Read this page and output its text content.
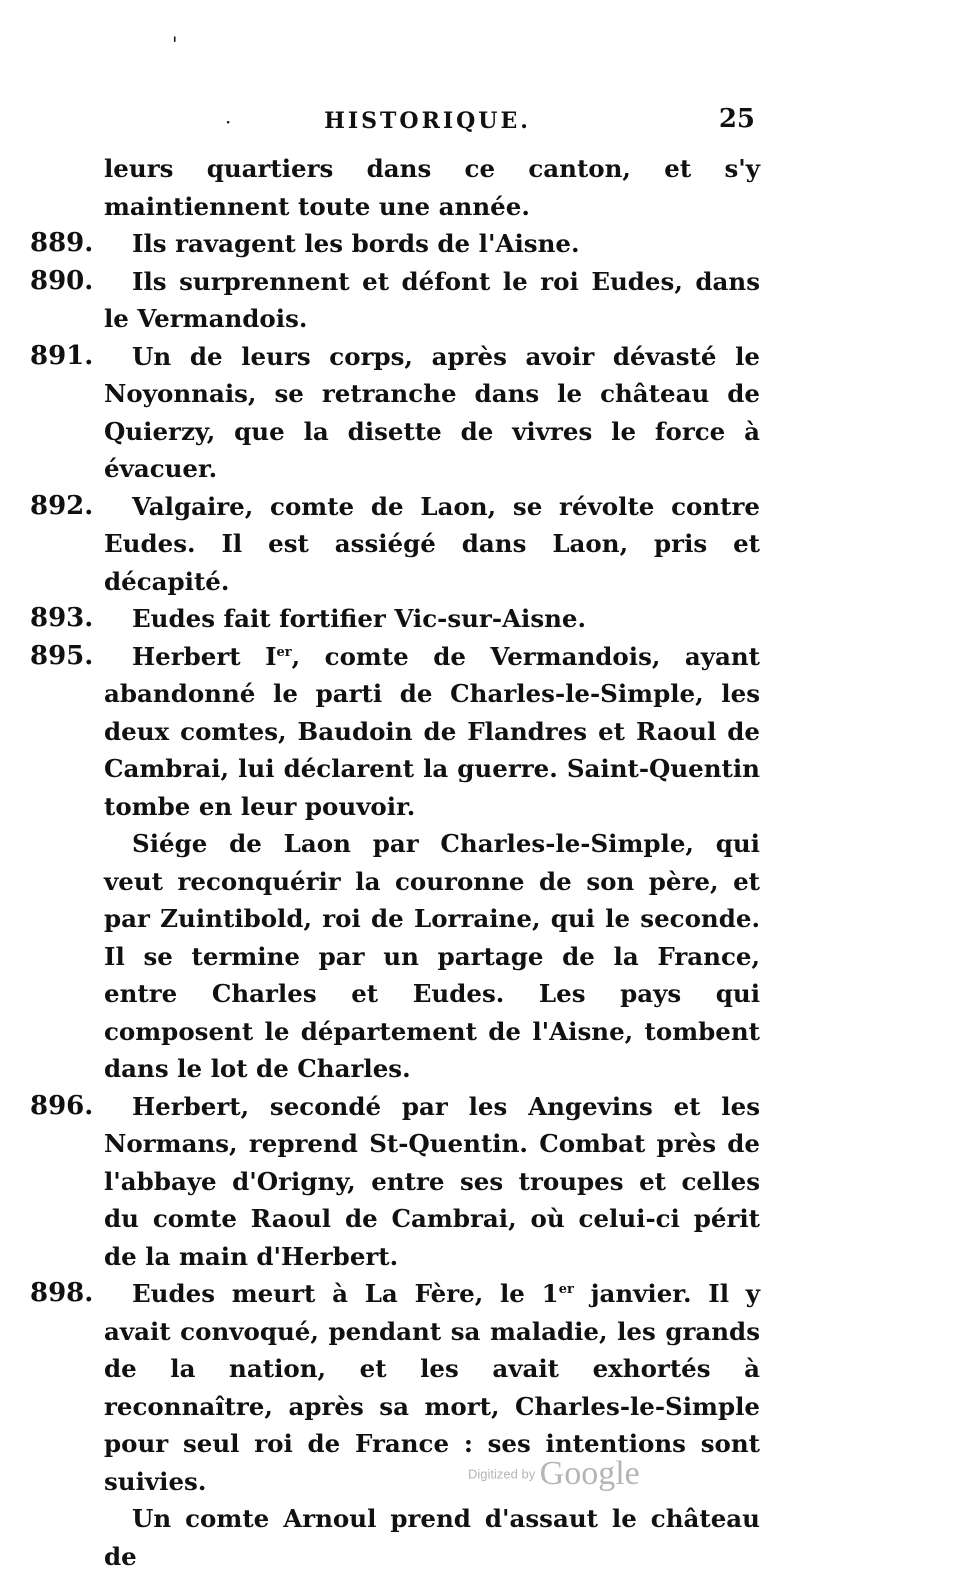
'
·	HISTORIQUE.	25
leurs quartiers dans ce canton, et s'y maintiennent toute une année.
889.	Ils ravagent les bords de l'Aisne.
890.	Ils surprennent et défont le roi Eudes, dans le Vermandois.
891.	Un de leurs corps, après avoir dévasté le Noyonnais, se retranche dans le château de Quierzy, que la disette de vivres le force à évacuer.
892.	Valgaire, comte de Laon, se révolte contre Eudes. Il est assiégé dans Laon, pris et décapité.
893.	Eudes fait fortifier Vic-sur-Aisne.
895.	Herbert Ier, comte de Vermandois, ayant abandonné le parti de Charles-le-Simple, les deux comtes, Baudoin de Flandres et Raoul de Cambrai, lui déclarent la guerre. Saint-Quentin tombe en leur pouvoir.
Siége de Laon par Charles-le-Simple, qui veut reconquérir la couronne de son père, et par Zuintibold, roi de Lorraine, qui le seconde. Il se termine par un partage de la France, entre Charles et Eudes. Les pays qui composent le département de l'Aisne, tombent dans le lot de Charles.
896.	Herbert, secondé par les Angevins et les Normans, reprend St-Quentin. Combat près de l'abbaye d'Origny, entre ses troupes et celles du comte Raoul de Cambrai, où celui-ci périt de la main d'Herbert.
898.	Eudes meurt à La Fère, le 1er janvier. Il y avait convoqué, pendant sa maladie, les grands de la nation, et les avait exhortés à reconnaître, après sa mort, Charles-le-Simple pour seul roi de France : ses intentions sont suivies.
Un comte Arnoul prend d'assaut le château de
Digitized by Google
